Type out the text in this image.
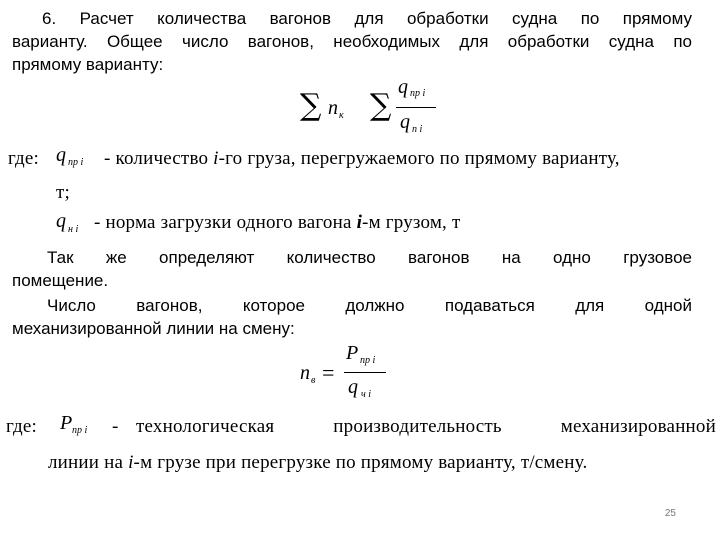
6. Расчет количества вагонов для обработки судна по прямому
варианту. Общее число вагонов, необходимых для обработки судна по
прямому варианту:
∑ n к ∑
q пр i
q п i
где: q пр i - количество i-го груза, перегружаемого по прямому варианту,
т;
q н i - норма загрузки одного вагона i-м грузом, т
Так же определяют количество вагонов на одно грузовое
помещение.
Число вагонов, которое должно подаваться для одной
механизированной линии на смену:
n в =
P пр i
q ч i
где: P пр i - технологическая производительность механизированной
линии на i-м грузе при перегрузке по прямому варианту, т/смену.
25
